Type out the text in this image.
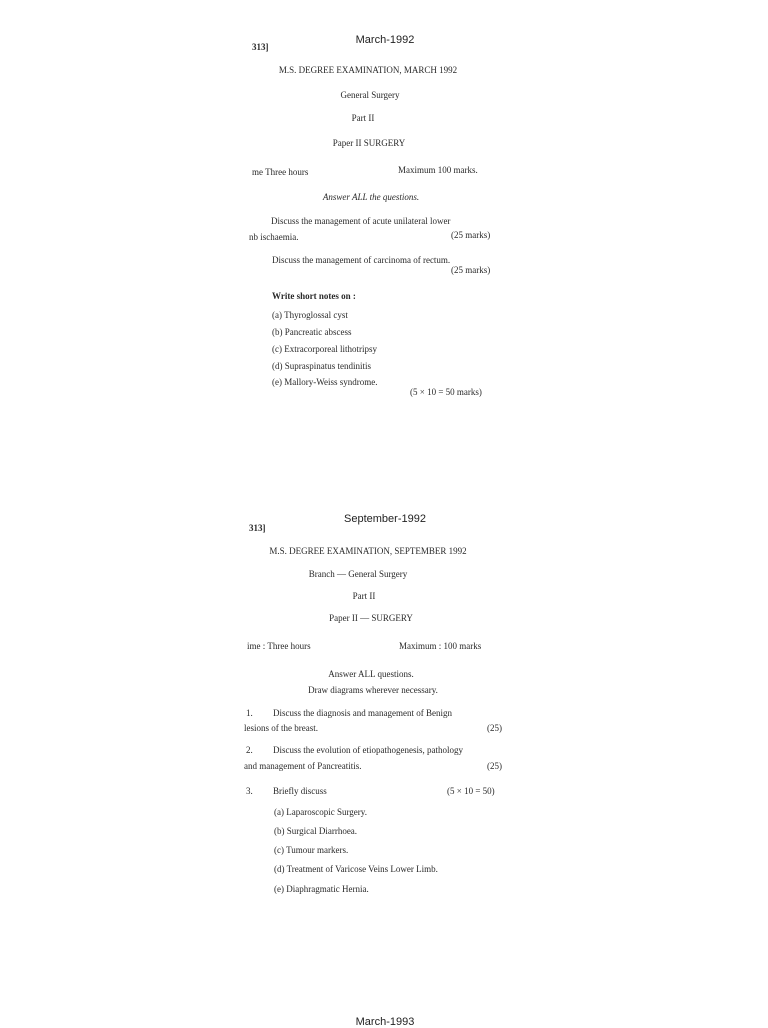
March-1992
313]
M.S. DEGREE EXAMINATION, MARCH 1992
General Surgery
Part II
Paper II SURGERY
me Three hours	Maximum 100 marks.
Answer ALL the questions.
Discuss the management of acute unilateral lower
nb ischaemia.	(25 marks)
Discuss the management of carcinoma of rectum.
(25 marks)
Write short notes on :
(a) Thyroglossal cyst
(b) Pancreatic abscess
(c) Extracorporeal lithotripsy
(d) Supraspinatus tendinitis
(e) Mallory-Weiss syndrome.
(5 × 10 = 50 marks)
September-1992
313]
M.S. DEGREE EXAMINATION, SEPTEMBER 1992
Branch — General Surgery
Part II
Paper II — SURGERY
ime : Three hours	Maximum : 100 marks
Answer ALL questions.
Draw diagrams wherever necessary.
1. Discuss the diagnosis and management of Benign
lesions of the breast.	(25)
2. Discuss the evolution of etiopathogenesis, pathology
and management of Pancreatitis.	(25)
3. Briefly discuss	(5 × 10 = 50)
(a) Laparoscopic Surgery.
(b) Surgical Diarrhoea.
(c) Tumour markers.
(d) Treatment of Varicose Veins Lower Limb.
(e) Diaphragmatic Hernia.
March-1993
